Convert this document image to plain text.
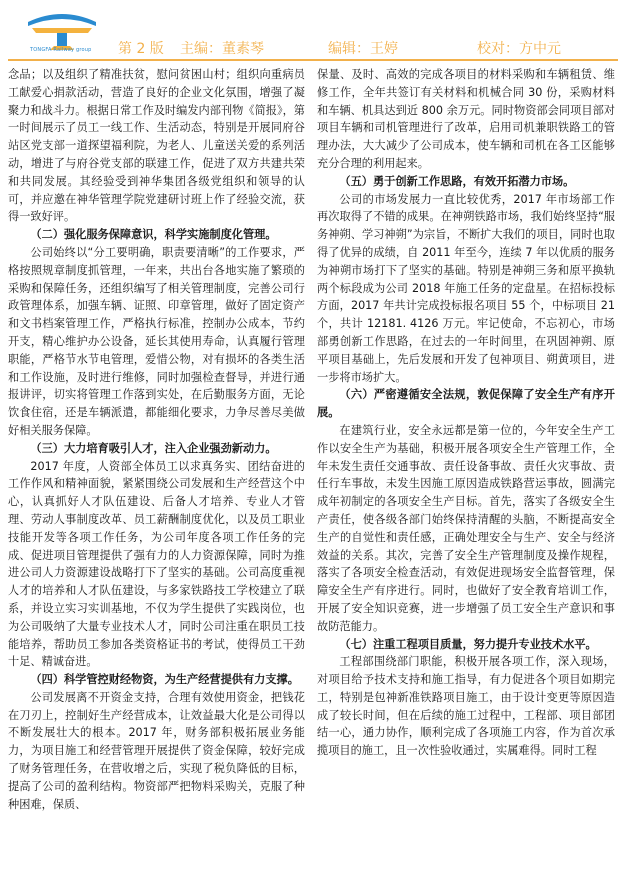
TONGFA Railway group 第 2 版 主编：董素琴	编辑：王婷	校对：方中元

念品；以及组织了精准扶贫，慰问贫困山村；组织向重病员工献爱心捐款活动，营造了良好的企业文化氛围，增强了凝聚力和战斗力。根据日常工作及时编发内部刊物《简报》，第一时间展示了员工一线工作、生活动态，特别是开展同府谷站区党支部一道探望福利院，为老人、儿童送关爱的系列活动，增进了与府谷党支部的联建工作，促进了双方共建共荣和共同发展。其经验受到神华集团各级党组织和领导的认可，并应邀在神华管理学院党建研讨班上作了经验交流，获得一致好评。

（二）强化服务保障意识，科学实施制度化管理。

公司始终以“分工要明确，职责要清晰”的工作要求，严格按照规章制度抓管理，一年来，共出台各地实施了繁琐的采购和保障任务，还组织编写了相关管理制度，完善公司行政管理体系，加强车辆、证照、印章管理，做好了固定资产和文书档案管理工作，严格执行标准，控制办公成本，节约开支，精心维护办公设备，延长其使用寿命，认真履行管理职能，严格节水节电管理，爱惜公物，对有损坏的各类生活和工作设施，及时进行维修，同时加强检查督导，并进行通报讲评，切实将管理工作落到实处，在后勤服务方面，无论饮食住宿，还是车辆派遣，都能细化要求，力争尽善尽美做好相关服务保障。

（三）大力培育吸引人才，注入企业强劲新动力。

2017 年度，人资部全体员工以求真务实、团结奋进的工作作风和精神面貌，紧紧围绕公司发展和生产经营这个中心，认真抓好人才队伍建设、后备人才培养、专业人才管理、劳动人事制度改革、员工薪酬制度优化，以及员工职业技能开发等各项工作任务，为公司年度各项工作任务的完成、促进项目管理提供了强有力的人力资源保障，同时为推进公司人力资源建设战略打下了坚实的基础。公司高度重视人才的培养和人才队伍建设，与多家铁路技工学校建立了联系，并设立实习实训基地，不仅为学生提供了实践岗位，也为公司吸纳了大量专业技术人才，同时公司注重在职员工技能培养，帮助员工参加各类资格证书的考试，使得员工干劲十足、精诚奋进。

（四）科学管控财经物资，为生产经营提供有力支撑。

公司发展离不开资金支持，合理有效使用资金，把钱花在刀刃上，控制好生产经营成本，让效益最大化是公司得以不断发展壮大的根本。2017 年，财务部积极拓展业务能力，为项目施工和经营管理开展提供了资金保障，较好完成了财务管理任务，在营收增之后，实现了税负降低的目标，提高了公司的盈利结构。物资部严把物料采购关，克服了种种困难，保质、

保量、及时、高效的完成各项目的材料采购和车辆租赁、维修工作，全年共签订有关材料和机械合同 30 份，采购材料和车辆、机具达到近 800 余万元。同时物资部会同项目部对项目车辆和司机管理进行了改革，启用司机兼职铁路工的管理办法，大大减少了公司成本，使车辆和司机在各工区能够充分合理的利用起来。

（五）勇于创新工作思路，有效开拓潜力市场。

公司的市场发展力一直比较优秀，2017 年市场部工作再次取得了不错的成果。在神朔铁路市场，我们始终坚持“服务神朔、学习神朔”为宗旨，不断扩大我们的项目，同时也取得了优异的成绩，自 2011 年至今，连续 7 年以优质的服务为神朔市场打下了坚实的基础。特别是神朔三务和原平换轨两个标段成为公司 2018 年施工任务的定盘星。在招标投标方面，2017 年共计完成投标报名项目 55 个，中标项目 21 个，共计 12181. 4126 万元。牢记使命，不忘初心，市场部勇创新工作思路，在过去的一年时间里，在巩固神朔、原平项目基础上，先后发展和开发了包神项目、朔黄项目，进一步将市场扩大。

（六）严密遵循安全法规，敦促保障了安全生产有序开展。

在建筑行业，安全永远都是第一位的，今年安全生产工作以安全生产为基础，积极开展各项安全生产管理工作，全年未发生责任交通事故、责任设备事故、责任火灾事故、责任行车事故，未发生因施工原因造成铁路营运事故，圆满完成年初制定的各项安全生产目标。首先，落实了各级安全生产责任，使各级各部门始终保持清醒的头脑，不断提高安全生产的自觉性和责任感，正确处理安全与生产、安全与经济效益的关系。其次，完善了安全生产管理制度及操作规程，落实了各项安全检查活动，有效促进现场安全监督管理，保障安全生产有序进行。同时，也做好了安全教育培训工作，开展了安全知识竞赛，进一步增强了员工安全生产意识和事故防范能力。

（七）注重工程项目质量，努力提升专业技术水平。

工程部围绕部门职能，积极开展各项工作，深入现场，对项目给予技术支持和施工指导，有力促进各个项目如期完工，特别是包神新准铁路项目施工，由于设计变更等原因造成了较长时间，但在后续的施工过程中，工程部、项目部团结一心，通力协作，顺利完成了各项施工内容，作为首次承揽项目的施工，且一次性验收通过，实属难得。同时工程
